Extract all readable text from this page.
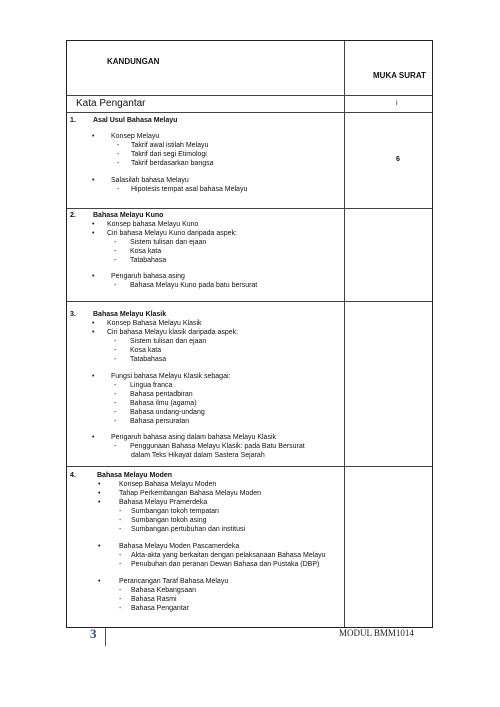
KANDUNGAN
MUKA SURAT
Kata Pengantar	i
1. Asal Usul Bahasa Melayu
• Konsep Melayu
- Takrif awal istilah Melayu
- Takrif dari segi Etimologi
- Takrif berdasarkan bangsa
6
• Salasilah bahasa Melayu
- Hipotesis tempat asal bahasa Melayu
2. Bahasa Melayu Kuno
• Konsep bahasa Melayu Kuno
• Ciri bahasa Melayu Kuno daripada aspek:
- Sistem tulisan dan ejaan
- Kosa kata
- Tatabahasa
• Pengaruh bahasa asing
- Bahasa Melayu Kuno pada batu bersurat
3. Bahasa Melayu Klasik
• Konsep Bahasa Melayu Klasik
• Ciri bahasa Melayu klasik daripada aspek:
- Sistem tulisan dan ejaan
- Kosa kata
- Tatabahasa
• Fungsi bahasa Melayu Klasik sebagai:
- Lingua franca
- Bahasa pentadbiran
- Bahasa ilmu (agama)
- Bahasa undang-undang
- Bahasa persuratan
• Pengaruh bahasa asing dalam bahasa Melayu Klasik
- Penggunaan Bahasa Melayu Klasik: pada Batu Bersurat
dalam Teks Hikayat dalam Sastera Sejarah
4.	Bahasa Melayu Moden
•	Konsep Bahasa Melayu Moden
•	Tahap Perkembangan Bahasa Melayu Moden
•	Bahasa Melayu Pramerdeka
- Sumbangan tokoh tempatan
- Sumbangan tokoh asing
- Sumbangan pertubuhan dan institusi
•	Bahasa Melayu Moden Pascamerdeka
- Akta-akta yang berkaitan dengan pelaksanaan Bahasa Melayu
- Penubuhan dan peranan Dewan Bahasa dan Pustaka (DBP)
•	Perancangan Taraf Bahasa Melayu
- Bahasa Kebangsaan
- Bahasa Rasmi
- Bahasa Pengantar
3	MODUL BMM1014
